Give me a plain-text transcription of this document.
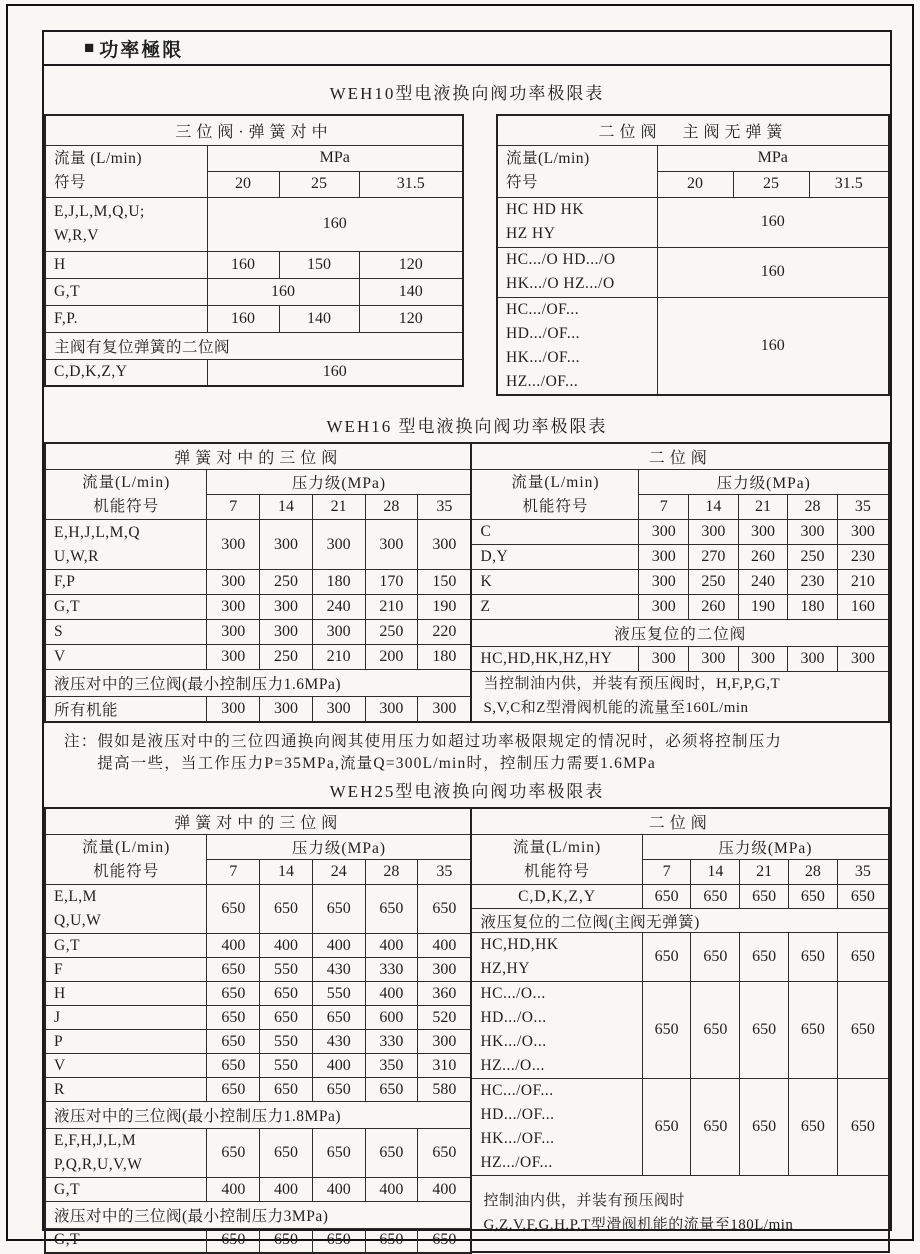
■ 功率極限
WEH10型电液换向阀功率极限表
三位阀·弹簧对中			

流量 (L/min)
符号	MPa		
	20	25	31.5

E,J,L,M,Q,U;
W,R,V	160		
H	160	150	120
G,T	160		140
F,P.	160	140	120
主阀有复位弹簧的二位阀			
C,D,K,Z,Y	160		
二位阀　主阀无弹簧			

流量(L/min)
符号	MPa		
	20	25	31.5

HC HD HK
HZ HY	160		

HC.../O HD.../O
HK.../O HZ.../O	160		

HC.../OF...
HD.../OF...
HK.../OF...
HZ.../OF...	160		
WEH16 型电液换向阀功率极限表
弹簧对中的三位阀					

流量(L/min)
机能符号	压力级(MPa)				
	7	14	21	28	35

E,H,J,L,M,Q
U,W,R	300	300	300	300	300
F,P	300	250	180	170	150
G,T	300	300	240	210	190
S	300	300	300	250	220
V	300	250	210	200	180
液压对中的三位阀(最小控制压力1.6MPa)					
所有机能	300	300	300	300	300
二位阀					

流量(L/min)
机能符号	压力级(MPa)				
	7	14	21	28	35
C	300	300	300	300	300
D,Y	300	270	260	250	230
K	300	250	240	230	210
Z	300	260	190	180	160
液压复位的二位阀					
HC,HD,HK,HZ,HY	300	300	300	300	300

当控制油内供，并装有预压阀时，H,F,P,G,T
S,V,C和Z型滑阀机能的流量至160L/min					
注： 假如是液压对中的三位四通换向阀其使用压力如超过功率极限规定的情况时，必须将控制压力
提高一些，当工作压力P=35MPa,流量Q=300L/min时，控制压力需要1.6MPa
WEH25型电液换向阀功率极限表
弹簧对中的三位阀					

流量(L/min)
机能符号	压力级(MPa)				
	7	14	24	28	35

E,L,M
Q,U,W	650	650	650	650	650
G,T	400	400	400	400	400
F	650	550	430	330	300
H	650	650	550	400	360
J	650	650	650	600	520
P	650	550	430	330	300
V	650	550	400	350	310
R	650	650	650	650	580
液压对中的三位阀(最小控制压力1.8MPa)					

E,F,H,J,L,M
P,Q,R,U,V,W	650	650	650	650	650
G,T	400	400	400	400	400
液压对中的三位阀(最小控制压力3MPa)					
G,T	650	650	650	650	650
二位阀					

流量(L/min)
机能符号	压力级(MPa)				
	7	14	21	28	35
C,D,K,Z,Y	650	650	650	650	650
液压复位的二位阀(主阀无弹簧)					

HC,HD,HK
HZ,HY	650	650	650	650	650

HC.../O...
HD.../O...
HK.../O...
HZ.../O...	650	650	650	650	650

HC.../OF...
HD.../OF...
HK.../OF...
HZ.../OF...	650	650	650	650	650

控制油内供，并装有预压阀时
G,Z,V,F,G,H,P,T型滑阀机能的流量至180L/min					
